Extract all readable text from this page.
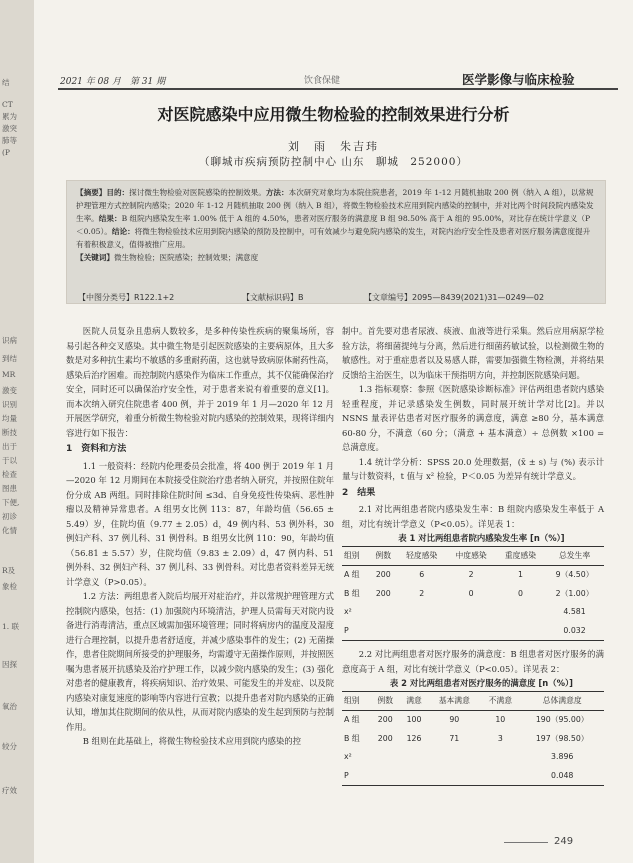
结
CT
累为
激突
肺等
(P
识病
到结
MR
激变
识别
均量
断技
出于
于以
检查
图患
下便,
初诊
化情
R及
象检
1. 联
因探
氧治
较分
疗效
2021 年 08 月　第 31 期	饮食保健	医学影像与临床检验
对医院感染中应用微生物检验的控制效果进行分析
刘　雨　朱吉玮
（聊城市疾病预防控制中心 山东　聊城　252000）
【摘要】目的：探讨微生物检验对医院感染的控制效果。方法：本次研究对象均为本院住院患者，2019 年 1-12 月随机抽取 200 例（纳入 A 组），以常规护理管理方式控制院内感染；2020 年 1-12 月随机抽取 200 例（纳入 B 组），将微生物检验技术应用到院内感染的控制中，并对比两个时间段院内感染发生率。结果：B 组院内感染发生率 1.00% 低于 A 组的 4.50%，患者对医疗服务的满意度 B 组 98.50% 高于 A 组的 95.00%，对比存在统计学意义（P＜0.05）。结论：将微生物检验技术应用到院内感染的预防及控制中，可有效减少与避免院内感染的发生，对院内治疗安全性及患者对医疗服务满意度提升有着积极意义，值得被推广应用。
【关键词】微生物检验；医院感染；控制效果；满意度
【中图分类号】R122.1+2	【文献标识码】B	【文章编号】2095—8439(2021)31—0249—02

医院人员复杂且患病人数较多，是多种传染性疾病的聚集场所，容易引起各种交叉感染。其中微生物是引起医院感染的主要病原体，且大多数是对多种抗生素均不敏感的多重耐药菌，这也就导致病原体耐药性高，感染后治疗困难。而控制院内感染作为临床工作重点，其不仅能确保治疗安全，同时还可以确保治疗安全性，对于患者来说有着重要的意义[1]。而本次纳入研究住院患者 400 例，并于 2019 年 1 月—2020 年 12 月开展医学研究，着重分析微生物检验对院内感染的控制效果，现将详细内容进行如下报告：

1　资料和方法

1.1 一般资料：经院内伦理委员会批准，将 400 例于 2019 年 1 月—2020 年 12 月期间在本院接受住院治疗患者纳入研究，并按照住院年份分成 AB 两组。同时排除住院时间 ≤3d、自身免疫性传染病、恶性肿瘤以及精神异常患者。A 组男女比例 113：87，年龄均值（56.65 ± 5.49）岁，住院均值（9.77 ± 2.05）d，49 例内科、53 例外科，30 例妇产科、37 例儿科、31 例骨科。B 组男女比例 110：90，年龄均值（56.81 ± 5.57）岁，住院均值（9.83 ± 2.09）d，47 例内科、51 例外科、32 例妇产科、37 例儿科、33 例骨科。对比患者资料差异无统计学意义（P>0.05）。

1.2 方法：两组患者入院后均展开对症治疗，并以常规护理管理方式控制院内感染，包括：(1) 加强院内环境清洁，护理人员需每天对院内设备进行消毒清洁，重点区域需加强环境管理；同时将病房内的温度及湿度进行合理控制，以提升患者舒适度，并减少感染事件的发生；(2) 无菌操作，患者住院期间所接受的护理服务，均需遵守无菌操作原则，并按照医嘱为患者展开抗感染及治疗护理工作，以减少院内感染的发生；(3) 强化对患者的健康教育，将疾病知识、治疗效果、可能发生的并发症、以及院内感染对康复速度的影响等内容进行宣教；以提升患者对院内感染的正确认知，增加其住院期间的依从性，从而对院内感染的发生起到预防与控制作用。

B 组则在此基础上，将微生物检验技术应用到院内感染的控

制中。首先要对患者尿液、痰液、血液等进行采集。然后应用病原学检验方法，将细菌提纯与分离，然后进行细菌药敏试验，以检测微生物的敏感性。对于重症患者以及易感人群，需要加强微生物检测，并将结果反馈给主治医生，以为临床干预指明方向，并控制医院感染问题。

1.3 指标观察：参照《医院感染诊断标准》评估两组患者院内感染轻重程度，并记录感染发生例数，同时展开统计学对比[2]。并以 NSNS 量表评估患者对医疗服务的满意度，满意 ≥80 分，基本满意 60-80 分，不满意（60 分；（满意 + 基本满意）÷ 总例数 ×100 = 总满意度。

1.4 统计学分析：SPSS 20.0 处理数据，(x̄ ± s) 与 (%) 表示计量与计数资料，t 值与 x² 检验，P＜0.05 为差异有统计学意义。

2　结果

2.1 对比两组患者院内感染发生率：B 组院内感染发生率低于 A 组，对比有统计学意义（P<0.05）。详见表 1：

表 1 对比两组患者院内感染发生率 [n（%）]

组别	例数	轻度感染	中度感染	重度感染	总发生率
A 组	200	6	2	1	9（4.50）
B 组	200	2	0	0	2（1.00）
x²					4.581
P					0.032

2.2 对比两组患者对医疗服务的满意度：B 组患者对医疗服务的满意度高于 A 组，对比有统计学意义（P<0.05）。详见表 2：

表 2 对比两组患者对医疗服务的满意度 [n（%）]

组别	例数	满意	基本满意	不满意	总体满意度
A 组	200	100	90	10	190（95.00）
B 组	200	126	71	3	197（98.50）
x²					3.896
P					0.048
249
